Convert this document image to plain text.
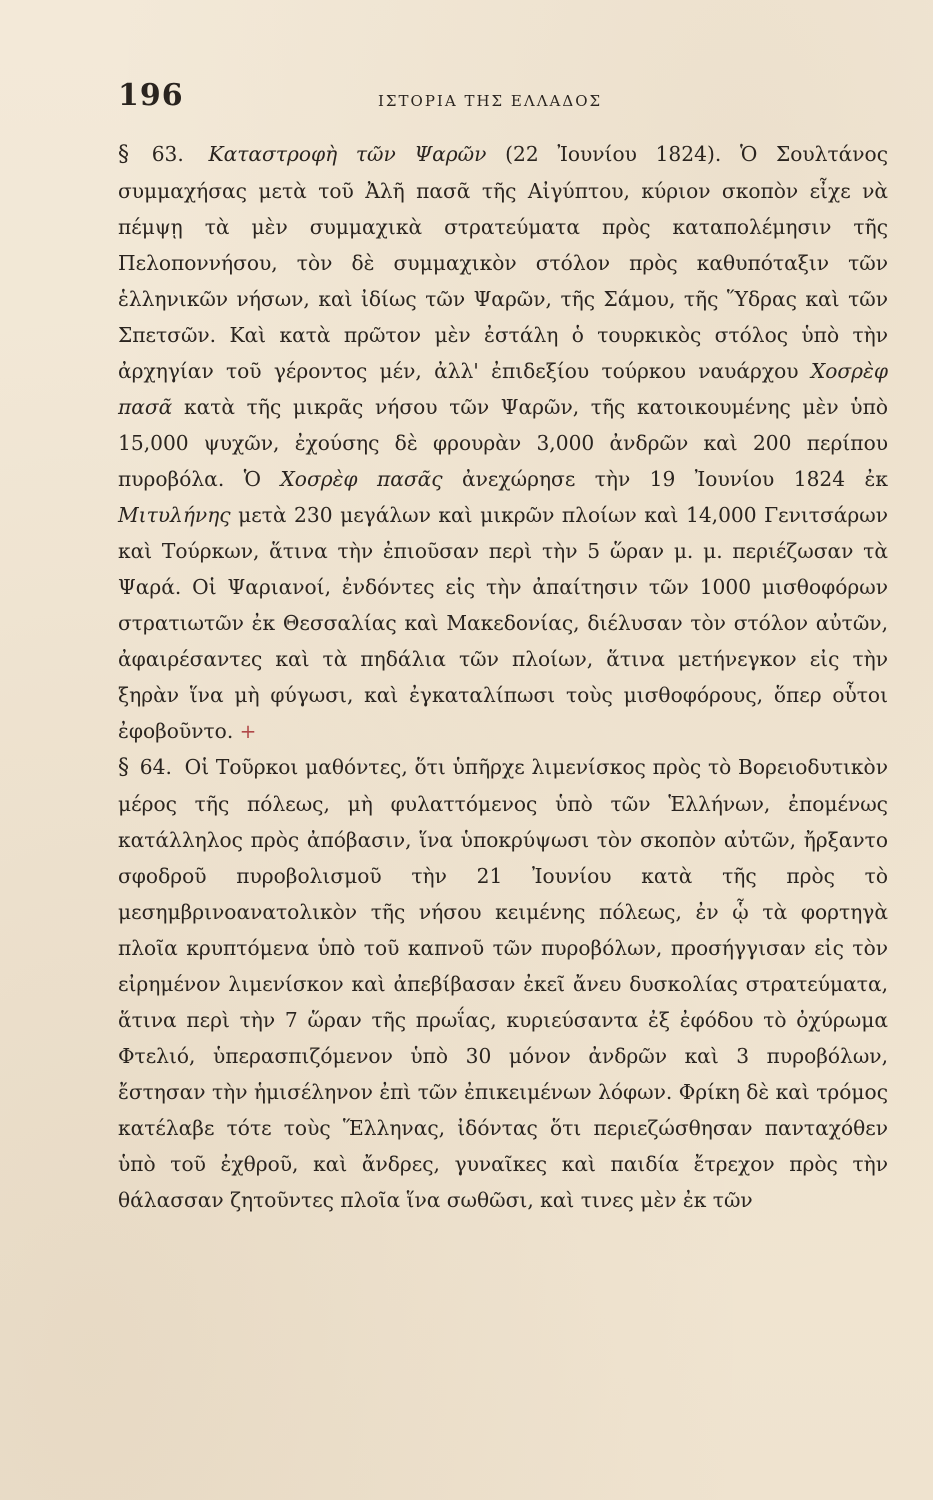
196	ΙΣΤΟΡΙΑ ΤΗΣ ΕΛΛΑΔΟΣ

§ 63. Καταστροφὴ τῶν Ψαρῶν (22 Ἰουνίου 1824). Ὁ Σουλτάνος συμμαχήσας μετὰ τοῦ Ἀλῆ πασᾶ τῆς Αἰγύπτου, κύριον σκοπὸν εἶχε νὰ πέμψῃ τὰ μὲν συμμαχικὰ στρατεύματα πρὸς καταπολέμησιν τῆς Πελοποννήσου, τὸν δὲ συμμαχικὸν στόλον πρὸς καθυπόταξιν τῶν ἑλληνικῶν νήσων, καὶ ἰδίως τῶν Ψαρῶν, τῆς Σάμου, τῆς Ὕδρας καὶ τῶν Σπετσῶν. Καὶ κατὰ πρῶτον μὲν ἐστάλη ὁ τουρκικὸς στόλος ὑπὸ τὴν ἀρχηγίαν τοῦ γέροντος μέν, ἀλλ' ἐπιδεξίου τούρκου ναυάρχου Χοσρὲφ πασᾶ κατὰ τῆς μικρᾶς νήσου τῶν Ψαρῶν, τῆς κατοικουμένης μὲν ὑπὸ 15,000 ψυχῶν, ἐχούσης δὲ φρουρὰν 3,000 ἀνδρῶν καὶ 200 περίπου πυροβόλα. Ὁ Χοσρὲφ πασᾶς ἀνεχώρησε τὴν 19 Ἰουνίου 1824 ἐκ Μιτυλήνης μετὰ 230 μεγάλων καὶ μικρῶν πλοίων καὶ 14,000 Γενιτσάρων καὶ Τούρκων, ἅτινα τὴν ἐπιοῦσαν περὶ τὴν 5 ὥραν μ. μ. περιέζωσαν τὰ Ψαρά. Οἱ Ψαριανοί, ἐνδόντες εἰς τὴν ἀπαίτησιν τῶν 1000 μισθοφόρων στρατιωτῶν ἐκ Θεσσαλίας καὶ Μακεδονίας, διέλυσαν τὸν στόλον αὐτῶν, ἀφαιρέσαντες καὶ τὰ πηδάλια τῶν πλοίων, ἅτινα μετήνεγκον εἰς τὴν ξηρὰν ἵνα μὴ φύγωσι, καὶ ἐγκαταλίπωσι τοὺς μισθοφόρους, ὅπερ οὗτοι ἐφοβοῦντο. +

§ 64. Οἱ Τοῦρκοι μαθόντες, ὅτι ὑπῆρχε λιμενίσκος πρὸς τὸ Βορειοδυτικὸν μέρος τῆς πόλεως, μὴ φυλαττόμενος ὑπὸ τῶν Ἑλλήνων, ἐπομένως κατάλληλος πρὸς ἀπόβασιν, ἵνα ὑποκρύψωσι τὸν σκοπὸν αὐτῶν, ἤρξαντο σφοδροῦ πυροβολισμοῦ τὴν 21 Ἰουνίου κατὰ τῆς πρὸς τὸ μεσημβρινοανατολικὸν τῆς νήσου κειμένης πόλεως, ἐν ᾧ τὰ φορτηγὰ πλοῖα κρυπτόμενα ὑπὸ τοῦ καπνοῦ τῶν πυροβόλων, προσήγγισαν εἰς τὸν εἰρημένον λιμενίσκον καὶ ἀπεβίβασαν ἐκεῖ ἄνευ δυσκολίας στρατεύματα, ἅτινα περὶ τὴν 7 ὥραν τῆς πρωΐας, κυριεύσαντα ἐξ ἐφόδου τὸ ὀχύρωμα Φτελιό, ὑπερασπιζόμενον ὑπὸ 30 μόνον ἀνδρῶν καὶ 3 πυροβόλων, ἔστησαν τὴν ἡμισέληνον ἐπὶ τῶν ἐπικειμένων λόφων. Φρίκη δὲ καὶ τρόμος κατέλαβε τότε τοὺς Ἕλληνας, ἰδόντας ὅτι περιεζώσθησαν πανταχόθεν ὑπὸ τοῦ ἐχθροῦ, καὶ ἄνδρες, γυναῖκες καὶ παιδία ἔτρεχον πρὸς τὴν θάλασσαν ζητοῦντες πλοῖα ἵνα σωθῶσι, καὶ τινες μὲν ἐκ τῶν
